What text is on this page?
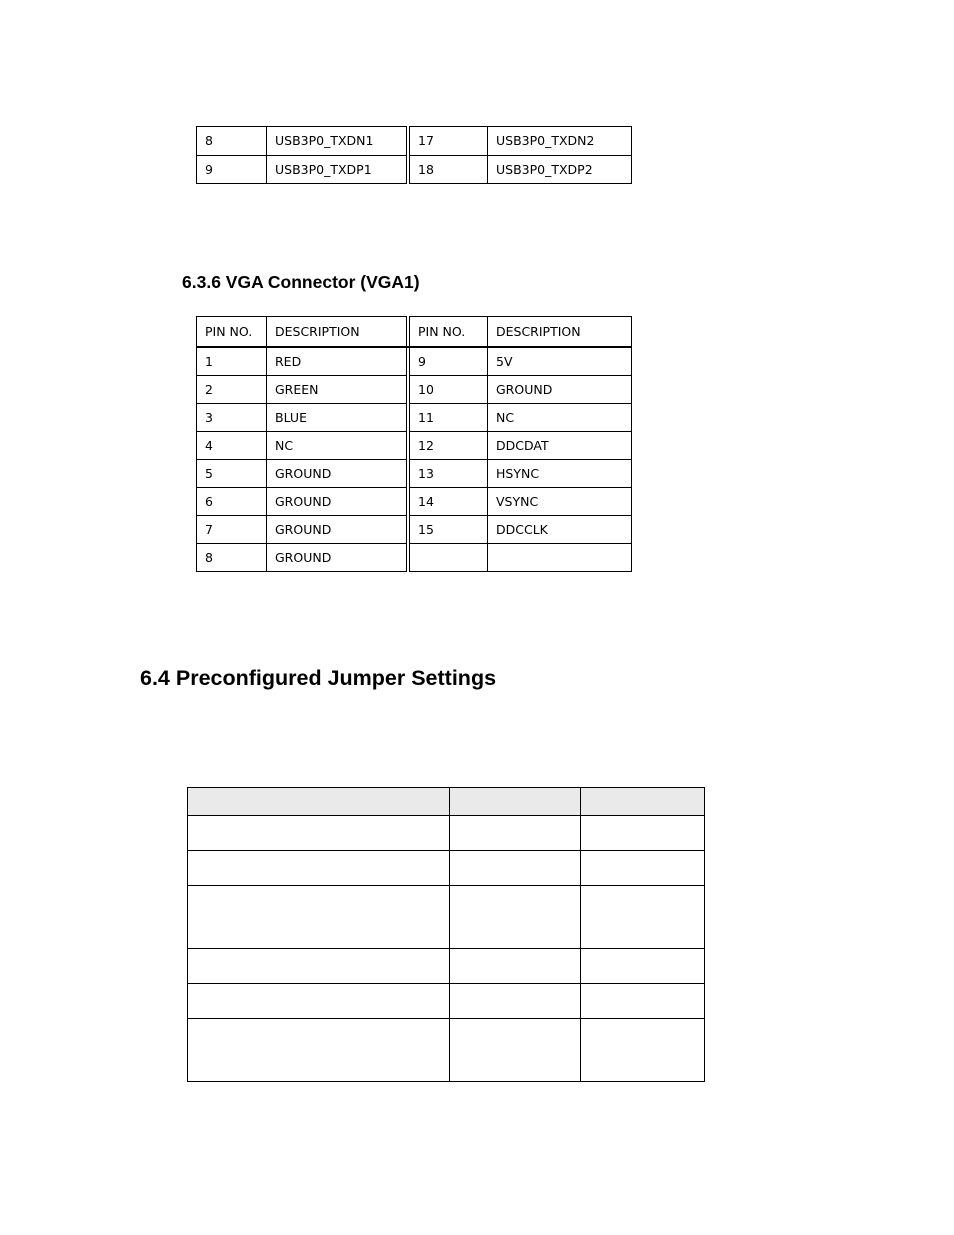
8	USB3P0_TXDN1		17	USB3P0_TXDN2
9	USB3P0_TXDP1		18	USB3P0_TXDP2
6.3.6 VGA Connector (VGA1)
PIN NO.	DESCRIPTION		PIN NO.	DESCRIPTION
1	RED		9	5V
2	GREEN		10	GROUND
3	BLUE		11	NC
4	NC		12	DDCDAT
5	GROUND		13	HSYNC
6	GROUND		14	VSYNC
7	GROUND		15	DDCCLK
8	GROUND			
6.4 Preconfigured Jumper Settings
